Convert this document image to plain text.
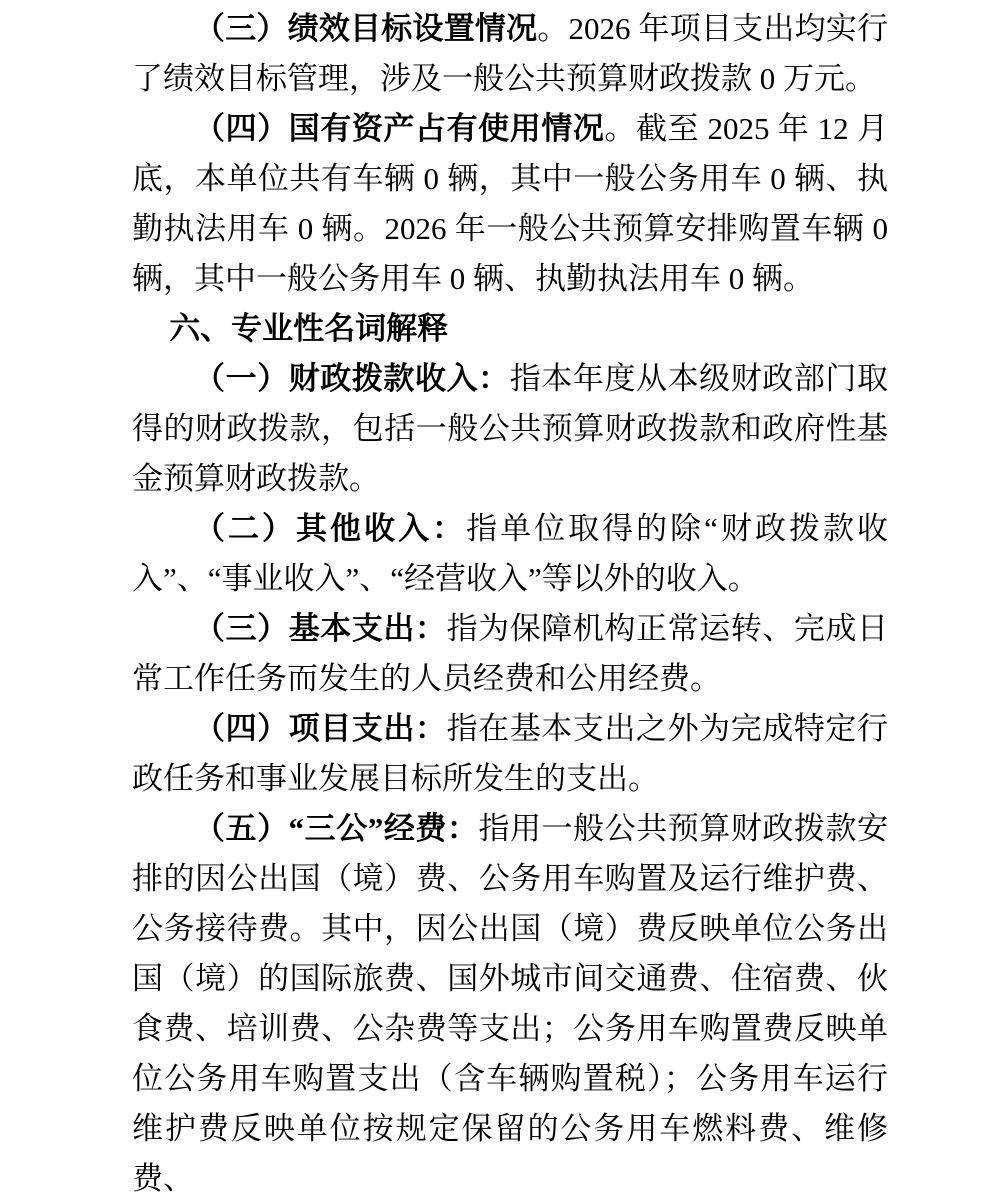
（三）绩效目标设置情况。2026 年项目支出均实行了绩效目标管理，涉及一般公共预算财政拨款 0 万元。

（四）国有资产占有使用情况。截至 2025 年 12 月底，本单位共有车辆 0 辆，其中一般公务用车 0 辆、执勤执法用车 0 辆。2026 年一般公共预算安排购置车辆 0 辆，其中一般公务用车 0 辆、执勤执法用车 0 辆。

六、专业性名词解释

（一）财政拨款收入：指本年度从本级财政部门取得的财政拨款，包括一般公共预算财政拨款和政府性基金预算财政拨款。

（二）其他收入：指单位取得的除“财政拨款收入”、“事业收入”、“经营收入”等以外的收入。

（三）基本支出：指为保障机构正常运转、完成日常工作任务而发生的人员经费和公用经费。

（四）项目支出：指在基本支出之外为完成特定行政任务和事业发展目标所发生的支出。

（五）“三公”经费：指用一般公共预算财政拨款安排的因公出国（境）费、公务用车购置及运行维护费、公务接待费。其中，因公出国（境）费反映单位公务出国（境）的国际旅费、国外城市间交通费、住宿费、伙食费、培训费、公杂费等支出；公务用车购置费反映单位公务用车购置支出（含车辆购置税）；公务用车运行维护费反映单位按规定保留的公务用车燃料费、维修费、
